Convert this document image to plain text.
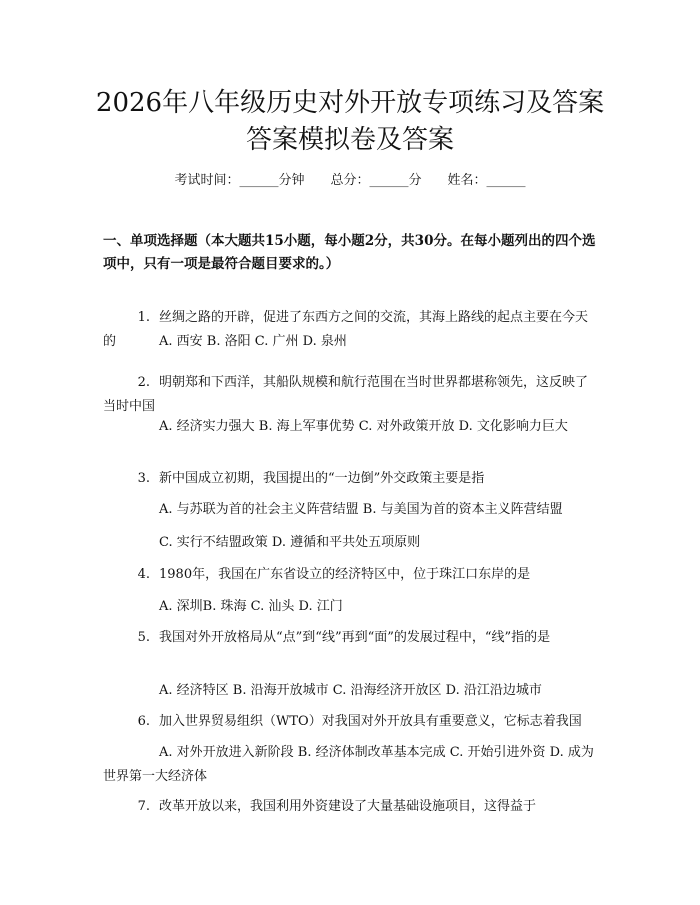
2026年八年级历史对外开放专项练习及答案
答案模拟卷及答案
考试时间：______分钟 总分：______分 姓名：______

一、单项选择题（本大题共15小题，每小题2分，共30分。在每小题列出的四个选项中，只有一项是最符合题目要求的。）

1. 丝绸之路的开辟，促进了东西方之间的交流，其海上路线的起点主要在今天的	A. 西安 B. 洛阳 C. 广州 D. 泉州

2. 明朝郑和下西洋，其船队规模和航行范围在当时世界都堪称领先，这反映了当时中国

A. 经济实力强大 B. 海上军事优势 C. 对外政策开放 D. 文化影响力巨大

3. 新中国成立初期，我国提出的“一边倒”外交政策主要是指

A. 与苏联为首的社会主义阵营结盟 B. 与美国为首的资本主义阵营结盟

C. 实行不结盟政策 D. 遵循和平共处五项原则

4. 1980年，我国在广东省设立的经济特区中，位于珠江口东岸的是

A. 深圳B. 珠海 C. 汕头 D. 江门

5. 我国对外开放格局从“点”到“线”再到“面”的发展过程中，“线”指的是

A. 经济特区 B. 沿海开放城市 C. 沿海经济开放区 D. 沿江沿边城市

6. 加入世界贸易组织（WTO）对我国对外开放具有重要意义，它标志着我国

A. 对外开放进入新阶段 B. 经济体制改革基本完成 C. 开始引进外资 D. 成为世界第一大经济体

7. 改革开放以来，我国利用外资建设了大量基础设施项目，这得益于
